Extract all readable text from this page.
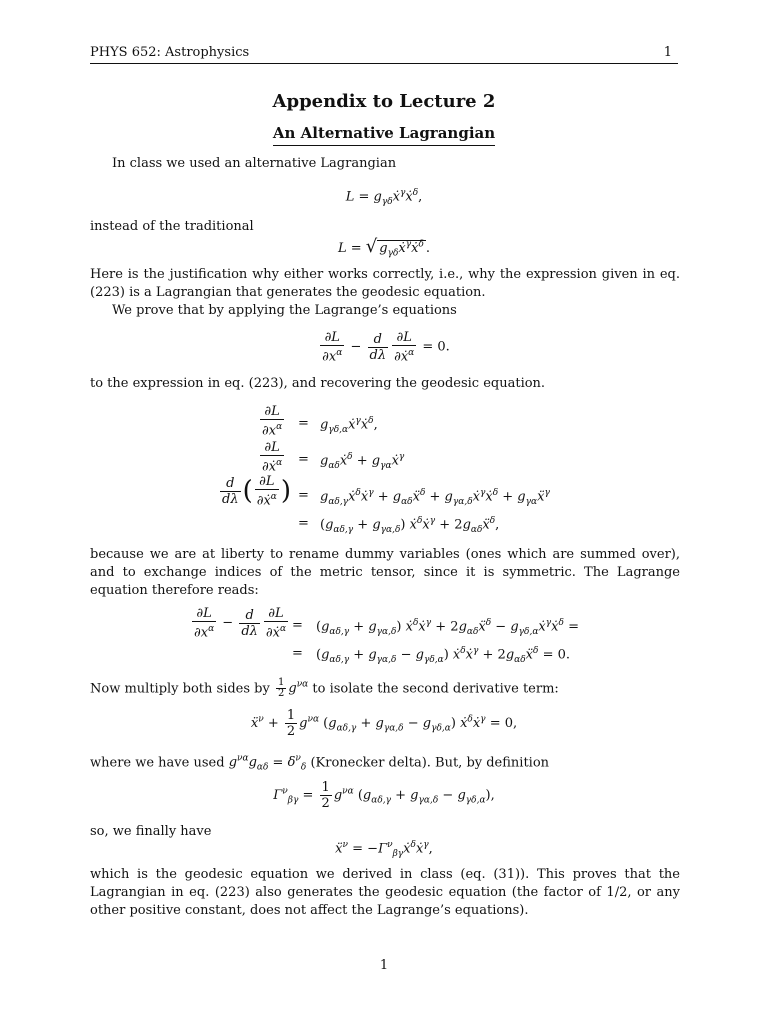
PHYS 652: Astrophysics	1
Appendix to Lecture 2
An Alternative Lagrangian
In class we used an alternative Lagrangian
$L = g_{\gamma\delta}ẋ^\gamma ẋ^\delta$,
instead of the traditional
L = √ $g_{\gamma\delta}ẋ^\gamma ẋ^\delta$ .
Here is the justification why either works correctly, i.e., why the expression given in eq. (223) is a Lagrangian that generates the geodesic equation.
We prove that by applying the Lagrange’s equations
$\frac{\partial L}{\partial x^\alpha} - \frac{d}{d\lambda} \frac{\partial L}{\partial ẋ^\alpha} = 0$.
to the expression in eq. (223), and recovering the geodesic equation.
$\frac{\partial L}{\partial x^\alpha}$ = $g_{\gamma\delta,\alpha}ẋ^\gamma ẋ^\delta$,
$\frac{\partial L}{\partial ẋ^\alpha}$ = $g_{\alpha\delta}ẋ^\delta$ + $g_{\gamma\alpha}ẋ^\gamma$
$\frac{d}{d\lambda}$ ( $\frac{\partial L}{\partial ẋ^\alpha}$ ) = $g_{\alpha\delta,\gamma}ẋ^\delta ẋ^\gamma$ + $g_{\alpha\delta}ẍ^\delta$ + $g_{\gamma\alpha,\delta}ẋ^\gamma ẋ^\delta$ + $g_{\gamma\alpha}ẍ^\gamma$
= $(g_{\alpha\delta,\gamma} + g_{\gamma\alpha,\delta})$ ẋ$^\delta$ẋ$^\gamma$ + $2g_{\alpha\delta}ẍ^\delta$,
because we are at liberty to rename dummy variables (ones which are summed over), and to exchange indices of the metric tensor, since it is symmetric. The Lagrange equation therefore reads:
$\frac{\partial L}{\partial x^\alpha} - \frac{d}{d\lambda} \frac{\partial L}{\partial ẋ^\alpha} = (g_{\alpha\delta,\gamma} + g_{\gamma\alpha,\delta})$ ẋ$^\delta$ẋ$^\gamma$ + $2g_{\alpha\delta}ẍ^\delta$ − $g_{\gamma\delta,\alpha}ẋ^\gamma ẋ^\delta$ =
= $(g_{\alpha\delta,\gamma} + g_{\gamma\alpha,\delta} - g_{\gamma\delta,\alpha})$ ẋ$^\delta$ẋ$^\gamma$ + $2g_{\alpha\delta}ẍ^\delta = 0$.
Now multiply both sides by $\frac{1}{2} g^{\nu\alpha}$ to isolate the second derivative term:
ẍ$^\nu$ + $\frac{1}{2} g^{\nu\alpha}$ $(g_{\alpha\delta,\gamma} + g_{\gamma\alpha,\delta} - g_{\gamma\delta,\alpha})$ ẋ$^\delta$ẋ$^\gamma$ = 0,
where we have used $g^{\nu\alpha}g_{\alpha\delta} = \delta^\nu_\delta$ (Kronecker delta). But, by definition
$\Gamma^\nu_{\beta\gamma} = \frac{1}{2} g^{\nu\alpha}$ $(g_{\alpha\delta,\gamma} + g_{\gamma\alpha,\delta} - g_{\gamma\delta,\alpha})$,
so, we finally have
ẍ$^\nu$ = $-\Gamma^\nu_{\beta\gamma}ẋ^\delta ẋ^\gamma$,
which is the geodesic equation we derived in class (eq. (31)). This proves that the Lagrangian in eq. (223) also generates the geodesic equation (the factor of 1/2, or any other positive constant, does not affect the Lagrange’s equations).
1
